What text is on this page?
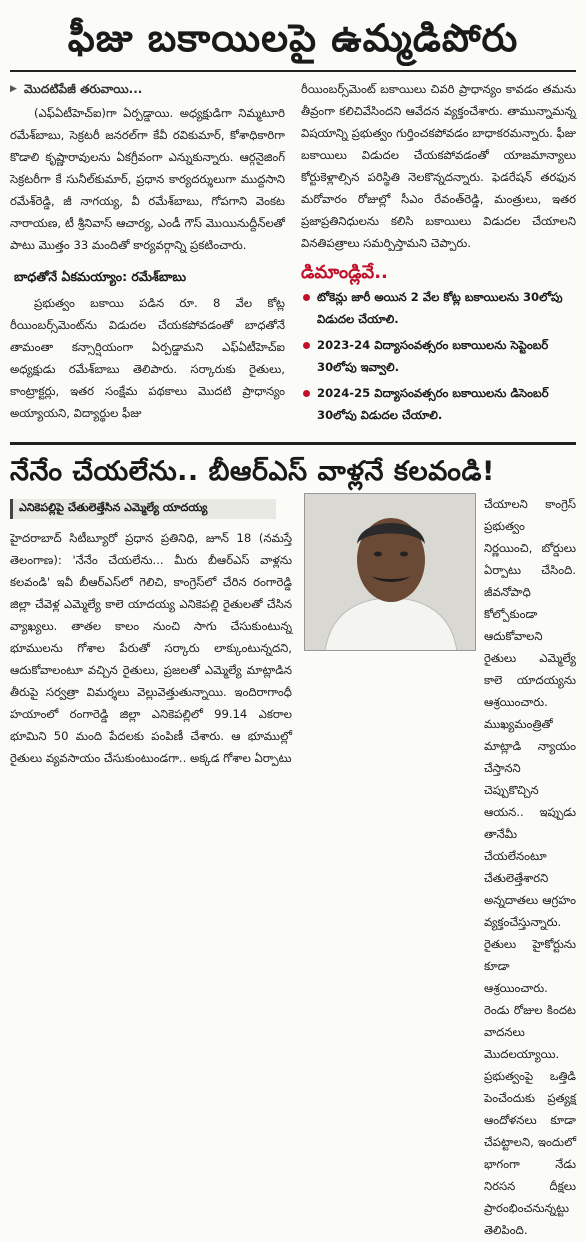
ఫీజు బకాయిలపై ఉమ్మడిపోరు
▶ మొదటిపేజీ తరువాయి...
(ఎఫ్ఏటీహెచ్ఐ)గా ఏర్పడ్డాయి. అధ్యక్షుడిగా నిమ్మటూరి రమేశ్‌బాబు, సెక్రటరీ జనరల్‌గా కేవీ రవికుమార్, కోశాధికారిగా కొడాలి కృష్ణారావులను ఏకగ్రీవంగా ఎన్నుకున్నారు. ఆర్గనైజింగ్ సెక్రటరీగా కే సునీల్‌కుమార్, ప్రధాన కార్యదర్శులుగా ముద్దసాని రమేశ్‌రెడ్డి, జీ నాగయ్య, వీ రమేశ్‌బాబు, గోపగాని వెంకట నారాయణ, టీ శ్రీనివాస్ ఆచార్య, ఎండీ గౌస్ మొయినుద్దీన్‌లతో పాటు మొత్తం 33 మందితో కార్యవర్గాన్ని ప్రకటించారు.
బాధతోనే ఏకమయ్యాం: రమేశ్‌బాబు
ప్రభుత్వం బకాయి పడిన రూ. 8 వేల కోట్ల రీయింబర్స్‌మెంట్‌ను విడుదల చేయకపోవడంతో బాధతోనే తామంతా కన్సార్షియంగా ఏర్పడ్డామని ఎఫ్ఏటీహెచ్ఐ అధ్యక్షుడు రమేశ్‌బాబు తెలిపారు. సర్కారుకు రైతులు, కాంట్రాక్టర్లు, ఇతర సంక్షేమ పథకాలు మొదటి ప్రాధాన్యం అయ్యాయని, విద్యార్థుల ఫీజు
రీయింబర్స్‌మెంట్ బకాయిలు చివరి ప్రాధాన్యం కావడం తమను తీవ్రంగా కలిచివేసిందని ఆవేదన వ్యక్తంచేశారు. తామున్నామన్న విషయాన్ని ప్రభుత్వం గుర్తించకపోవడం బాధాకరమన్నారు. ఫీజు బకాయిలు విడుదల చేయకపోవడంతో యాజమాన్యాలు కోర్టుకెళ్లాల్సిన పరిస్థితి నెలకొన్నదన్నారు. ఫెడరేషన్ తరఫున మరోవారం రోజుల్లో సీఎం రేవంత్‌రెడ్డి, మంత్రులు, ఇతర ప్రజాప్రతినిధులను కలిసి బకాయిలు విడుదల చేయాలని వినతిపత్రాలు సమర్పిస్తామని చెప్పారు.
డిమాండ్లివే..
టోకెన్లు జారీ అయిన 2 వేల కోట్ల బకాయిలను 30లోపు విడుదల చేయాలి.
2023-24 విద్యాసంవత్సరం బకాయిలను సెప్టెంబర్ 30లోపు ఇవ్వాలి.
2024-25 విద్యాసంవత్సరం బకాయిలను డిసెంబర్ 30లోపు విడుదల చేయాలి.
నేనేం చేయలేను.. బీఆర్‌ఎస్ వాళ్లనే కలవండి!
ఎనికెపల్లిపై చేతులెత్తేసిన ఎమ్మెల్యే యాదయ్య
హైదరాబాద్ సిటీబ్యూరో ప్రధాన ప్రతినిధి, జూన్ 18 (నమస్తే తెలంగాణ): 'నేనేం చేయలేను... మీరు బీఆర్‌ఎస్ వాళ్లను కలవండి' ఇవీ బీఆర్‌ఎస్‌లో గెలిచి, కాంగ్రెస్‌లో చేరిన రంగారెడ్డి జిల్లా చేవెళ్ల ఎమ్మెల్యే కాలె యాదయ్య ఎనికెపల్లి రైతులతో చేసిన వ్యాఖ్యలు. తాతల కాలం నుంచి సాగు చేసుకుంటున్న భూములను గోశాల పేరుతో సర్కారు లాక్కుంటున్నదని, ఆదుకోవాలంటూ వచ్చిన రైతులు, ప్రజలతో ఎమ్మెల్యే మాట్లాడిన తీరుపై సర్వత్రా విమర్శలు వెల్లువెత్తుతున్నాయి. ఇందిరాగాంధీ హయాంలో రంగారెడ్డి జిల్లా ఎనికెపల్లిలో 99.14 ఎకరాల భూమిని 50 మంది పేదలకు పంపిణీ చేశారు. ఆ భూముల్లో రైతులు వ్యవసాయం చేసుకుంటుండగా.. అక్కడ గోశాల ఏర్పాటు
చేయాలని కాంగ్రెస్ ప్రభుత్వం నిర్ణయించి, బోర్డులు ఏర్పాటు చేసింది. జీవనోపాధి కోల్పోకుండా ఆదుకోవాలని రైతులు ఎమ్మెల్యే కాలె యాదయ్యను ఆశ్రయించారు. ముఖ్యమంత్రితో మాట్లాడి న్యాయం చేస్తానని చెప్పుకొచ్చిన ఆయన.. ఇప్పుడు తానేమీ చేయలేనంటూ చేతులెత్తేశారని అన్నదాతలు ఆగ్రహం వ్యక్తంచేస్తున్నారు. రైతులు హైకోర్టును కూడా ఆశ్రయించారు. రెండు రోజుల కిందట వాదనలు మొదలయ్యాయి. ప్రభుత్వంపై ఒత్తిడి పెంచేందుకు ప్రత్యక్ష ఆందోళనలు కూడా చేపట్టాలని, ఇందులో భాగంగా నేడు నిరసన దీక్షలు ప్రారంభించనున్నట్టు తెలిపింది.
